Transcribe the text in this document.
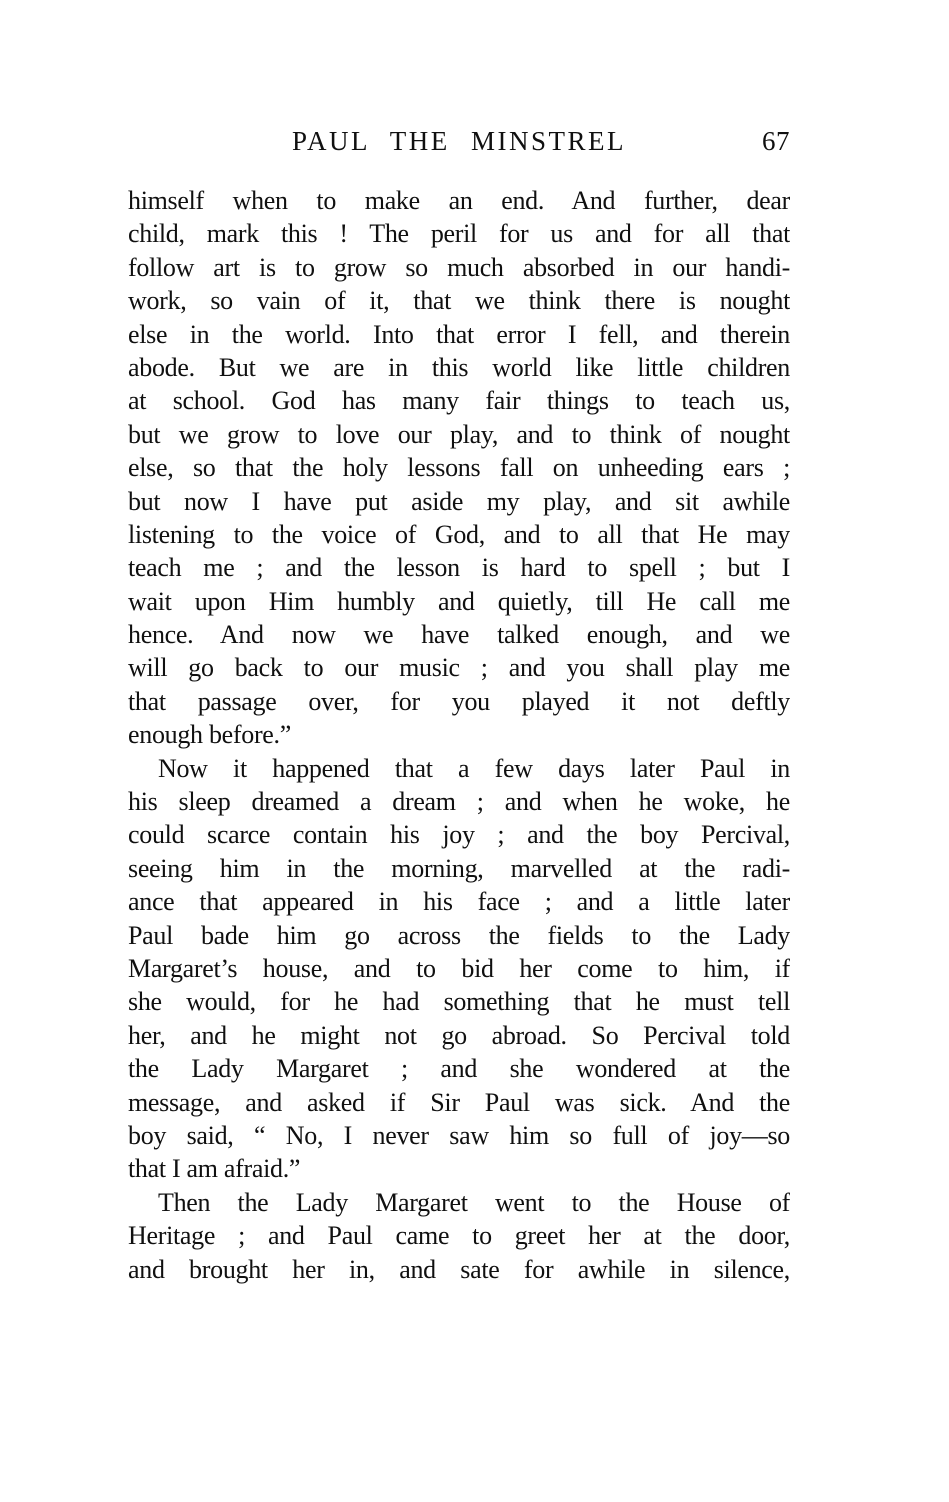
PAUL THE MINSTREL	67
himself when to make an end. And further, dear
child, mark this ! The peril for us and for all that
follow art is to grow so much absorbed in our handi-
work, so vain of it, that we think there is nought
else in the world. Into that error I fell, and therein
abode. But we are in this world like little children
at school. God has many fair things to teach us,
but we grow to love our play, and to think of nought
else, so that the holy lessons fall on unheeding ears ;
but now I have put aside my play, and sit awhile
listening to the voice of God, and to all that He may
teach me ; and the lesson is hard to spell ; but I
wait upon Him humbly and quietly, till He call me
hence. And now we have talked enough, and we
will go back to our music ; and you shall play me
that passage over, for you played it not deftly
enough before.”
Now it happened that a few days later Paul in
his sleep dreamed a dream ; and when he woke, he
could scarce contain his joy ; and the boy Percival,
seeing him in the morning, marvelled at the radi-
ance that appeared in his face ; and a little later
Paul bade him go across the fields to the Lady
Margaret’s house, and to bid her come to him, if
she would, for he had something that he must tell
her, and he might not go abroad. So Percival told
the Lady Margaret ; and she wondered at the
message, and asked if Sir Paul was sick. And the
boy said, “ No, I never saw him so full of joy—so
that I am afraid.”
Then the Lady Margaret went to the House of
Heritage ; and Paul came to greet her at the door,
and brought her in, and sate for awhile in silence,
